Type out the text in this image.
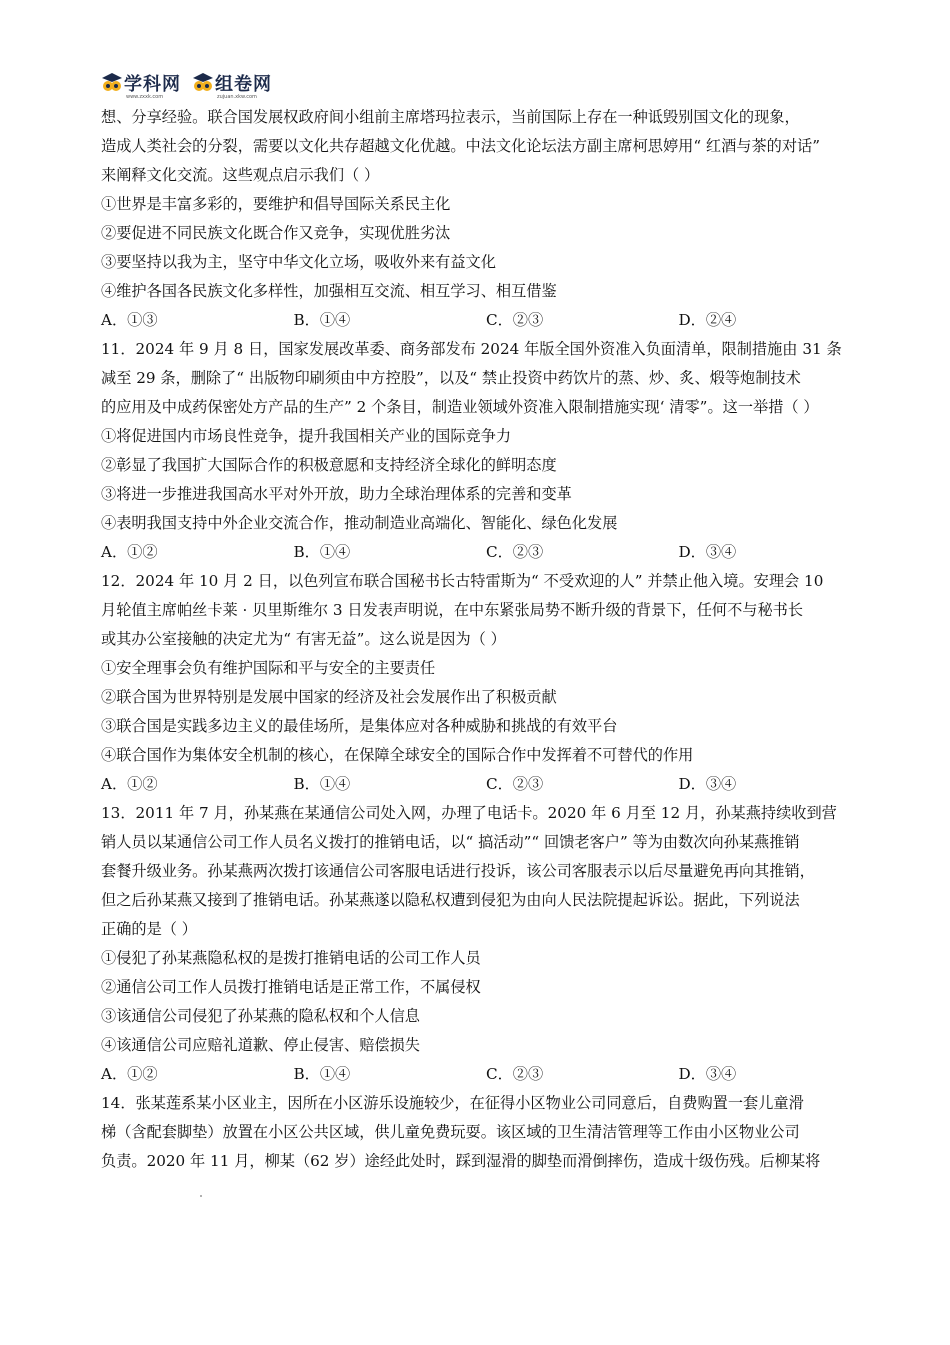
学科网
www.zxxk.com
组卷网
zujuan.xkw.com
想、分享经验。联合国发展权政府间小组前主席塔玛拉表示，当前国际上存在一种诋毁别国文化的现象，
造成人类社会的分裂，需要以文化共存超越文化优越。中法文化论坛法方副主席柯思婷用“ 红酒与茶的对话”
来阐释文化交流。这些观点启示我们（ ）
①世界是丰富多彩的，要维护和倡导国际关系民主化
②要促进不同民族文化既合作又竞争，实现优胜劣汰
③要坚持以我为主，坚守中华文化立场，吸收外来有益文化
④维护各国各民族文化多样性，加强相互交流、相互学习、相互借鉴
A．①③	B．①④	C．②③	D．②④
11．2024 年 9 月 8 日，国家发展改革委、商务部发布 2024 年版全国外资准入负面清单，限制措施由 31 条
减至 29 条，删除了“ 出版物印刷须由中方控股”，以及“ 禁止投资中药饮片的蒸、炒、炙、煅等炮制技术
的应用及中成药保密处方产品的生产” 2 个条目，制造业领域外资准入限制措施实现‘ 清零”。这一举措（ ）
①将促进国内市场良性竞争，提升我国相关产业的国际竞争力
②彰显了我国扩大国际合作的积极意愿和支持经济全球化的鲜明态度
③将进一步推进我国高水平对外开放，助力全球治理体系的完善和变革
④表明我国支持中外企业交流合作，推动制造业高端化、智能化、绿色化发展
A．①②	B．①④	C．②③	D．③④
12．2024 年 10 月 2 日，以色列宣布联合国秘书长古特雷斯为“ 不受欢迎的人” 并禁止他入境。安理会 10
月轮值主席帕丝卡莱 · 贝里斯维尔 3 日发表声明说，在中东紧张局势不断升级的背景下，任何不与秘书长
或其办公室接触的决定尤为“ 有害无益”。这么说是因为（ ）
①安全理事会负有维护国际和平与安全的主要责任
②联合国为世界特别是发展中国家的经济及社会发展作出了积极贡献
③联合国是实践多边主义的最佳场所，是集体应对各种威胁和挑战的有效平台
④联合国作为集体安全机制的核心，在保障全球安全的国际合作中发挥着不可替代的作用
A．①②	B．①④	C．②③	D．③④
13．2011 年 7 月，孙某燕在某通信公司处入网，办理了电话卡。2020 年 6 月至 12 月，孙某燕持续收到营
销人员以某通信公司工作人员名义拨打的推销电话，以“ 搞活动”“ 回馈老客户” 等为由数次向孙某燕推销
套餐升级业务。孙某燕两次拨打该通信公司客服电话进行投诉，该公司客服表示以后尽量避免再向其推销，
但之后孙某燕又接到了推销电话。孙某燕遂以隐私权遭到侵犯为由向人民法院提起诉讼。据此，下列说法
正确的是（ ）
①侵犯了孙某燕隐私权的是拨打推销电话的公司工作人员
②通信公司工作人员拨打推销电话是正常工作，不属侵权
③该通信公司侵犯了孙某燕的隐私权和个人信息
④该通信公司应赔礼道歉、停止侵害、赔偿损失
A．①②	B．①④	C．②③	D．③④
14．张某莲系某小区业主，因所在小区游乐设施较少，在征得小区物业公司同意后，自费购置一套儿童滑
梯（含配套脚垫）放置在小区公共区域，供儿童免费玩耍。该区域的卫生清洁管理等工作由小区物业公司
负责。2020 年 11 月，柳某（62 岁）途经此处时，踩到湿滑的脚垫而滑倒摔伤，造成十级伤残。后柳某将
